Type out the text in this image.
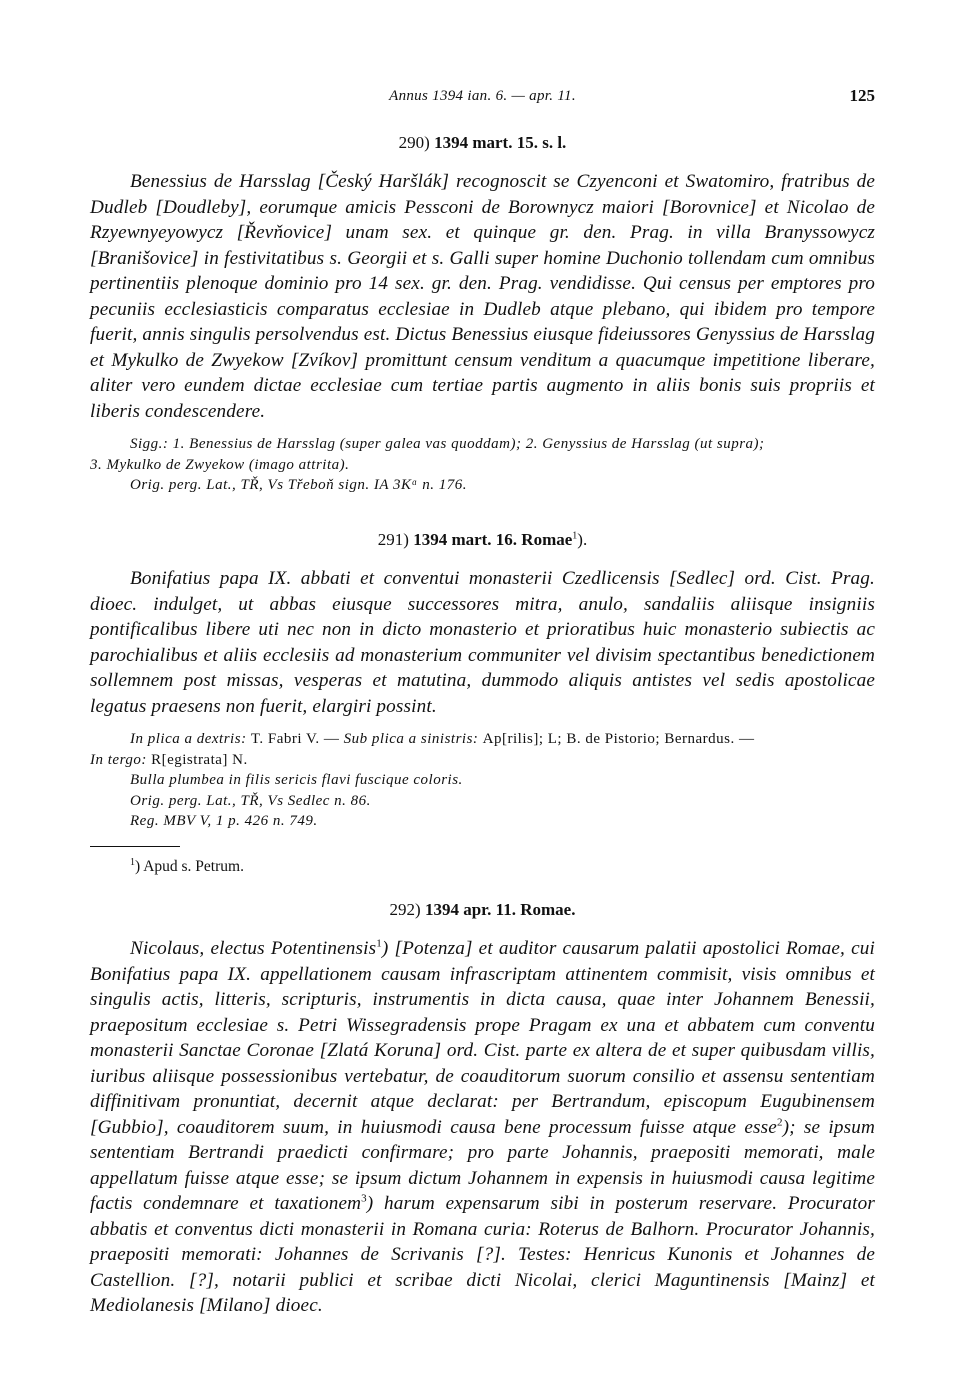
Annus 1394 ian. 6. — apr. 11.	125
290) 1394 mart. 15. s. l.

Benessius de Harsslag [Český Haršlák] recognoscit se Czyenconi et Swatomiro, fratribus de Dudleb [Doudleby], eorumque amicis Pessconi de Borownycz maiori [Borovnice] et Nicolao de Rzyewnyeyowycz [Řevňovice] unam sex. et quinque gr. den. Prag. in villa Branyssowycz [Branišovice] in festivitatibus s. Georgii et s. Galli super homine Duchonio tollendam cum omnibus pertinentiis plenoque dominio pro 14 sex. gr. den. Prag. vendidisse. Qui census per emptores pro pecuniis ecclesiasticis comparatus ecclesiae in Dudleb atque plebano, qui ibidem pro tempore fuerit, annis singulis persolvendus est. Dictus Benessius eiusque fideiussores Genyssius de Harsslag et Mykulko de Zwyekow [Zvíkov] promittunt censum venditum a quacumque impetitione liberare, aliter vero eundem dictae ecclesiae cum tertiae partis augmento in aliis bonis suis propriis et liberis condescendere.

Sigg.: 1. Benessius de Harsslag (super galea vas quoddam); 2. Genyssius de Harsslag (ut supra);
3. Mykulko de Zwyekow (imago attrita).
Orig. perg. Lat., TŘ, Vs Třeboň sign. IA 3Kᵅ n. 176.
291) 1394 mart. 16. Romae$^1$).

Bonifatius papa IX. abbati et conventui monasterii Czedlicensis [Sedlec] ord. Cist. Prag. dioec. indulget, ut abbas eiusque successores mitra, anulo, sandaliis aliisque insigniis pontificalibus libere uti nec non in dicto monasterio et prioratibus huic monasterio subiectis ac parochialibus et aliis ecclesiis ad monasterium communiter vel divisim spectantibus benedictionem sollemnem post missas, vesperas et matutina, dummodo aliquis antistes vel sedis apostolicae legatus praesens non fuerit, elargiri possint.

In plica a dextris: T. Fabri V. — Sub plica a sinistris: Ap[rilis]; L; B. de Pistorio; Bernardus. —
In tergo: R[egistrata] N.
Bulla plumbea in filis sericis flavi fuscique coloris.
Orig. perg. Lat., TŘ, Vs Sedlec n. 86.
Reg. MBV V, 1 p. 426 n. 749.
$^1$) Apud s. Petrum.
292) 1394 apr. 11. Romae.

Nicolaus, electus Potentinensis$^1$) [Potenza] et auditor causarum palatii apostolici Romae, cui Bonifatius papa IX. appellationem causam infrascriptam attinentem commisit, visis omnibus et singulis actis, litteris, scripturis, instrumentis in dicta causa, quae inter Johannem Benessii, praepositum ecclesiae s. Petri Wissegradensis prope Pragam ex una et abbatem cum conventu monasterii Sanctae Coronae [Zlatá Koruna] ord. Cist. parte ex altera de et super quibusdam villis, iuribus aliisque possessionibus vertebatur, de coauditorum suorum consilio et assensu sententiam diffinitivam pronuntiat, decernit atque declarat: per Bertrandum, episcopum Eugubinensem [Gubbio], coauditorem suum, in huiusmodi causa bene processum fuisse atque esse$^2$); se ipsum sententiam Bertrandi praedicti confirmare; pro parte Johannis, praepositi memorati, male appellatum fuisse atque esse; se ipsum dictum Johannem in expensis in huiusmodi causa legitime factis condemnare et taxationem$^3$) harum expensarum sibi in posterum reservare. Procurator abbatis et conventus dicti monasterii in Romana curia: Roterus de Balhorn. Procurator Johannis, praepositi memorati: Johannes de Scrivanis [?]. Testes: Henricus Kunonis et Johannes de Castellion. [?], notarii publici et scribae dicti Nicolai, clerici Maguntinensis [Mainz] et Mediolanesis [Milano] dioec.
